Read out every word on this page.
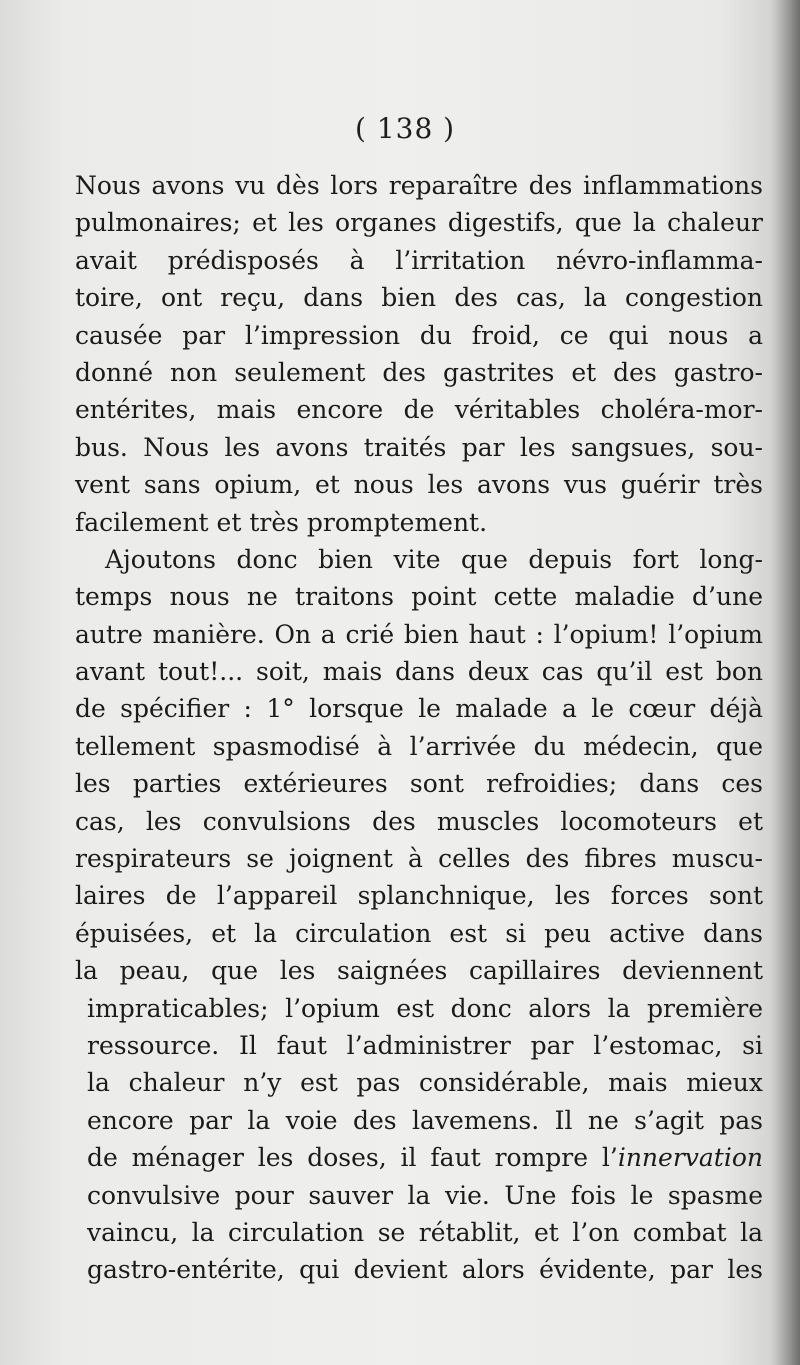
( 138 )
Nous avons vu dès lors reparaître des inflammations
pulmonaires; et les organes digestifs, que la chaleur
avait prédisposés à l’irritation névro-inflamma-
toire, ont reçu, dans bien des cas, la congestion
causée par l’impression du froid, ce qui nous a
donné non seulement des gastrites et des gastro-
entérites, mais encore de véritables choléra-mor-
bus. Nous les avons traités par les sangsues, sou-
vent sans opium, et nous les avons vus guérir très
facilement et très promptement.
Ajoutons donc bien vite que depuis fort long-
temps nous ne traitons point cette maladie d’une
autre manière. On a crié bien haut : l’opium! l’opium
avant tout!... soit, mais dans deux cas qu’il est bon
de spécifier : 1° lorsque le malade a le cœur déjà
tellement spasmodisé à l’arrivée du médecin, que
les parties extérieures sont refroidies; dans ces
cas, les convulsions des muscles locomoteurs et
respirateurs se joignent à celles des fibres muscu-
laires de l’appareil splanchnique, les forces sont
épuisées, et la circulation est si peu active dans
la peau, que les saignées capillaires deviennent
impraticables; l’opium est donc alors la première
ressource. Il faut l’administrer par l’estomac, si
la chaleur n’y est pas considérable, mais mieux
encore par la voie des lavemens. Il ne s’agit pas
de ménager les doses, il faut rompre l’innervation
convulsive pour sauver la vie. Une fois le spasme
vaincu, la circulation se rétablit, et l’on combat la
gastro-entérite, qui devient alors évidente, par les
